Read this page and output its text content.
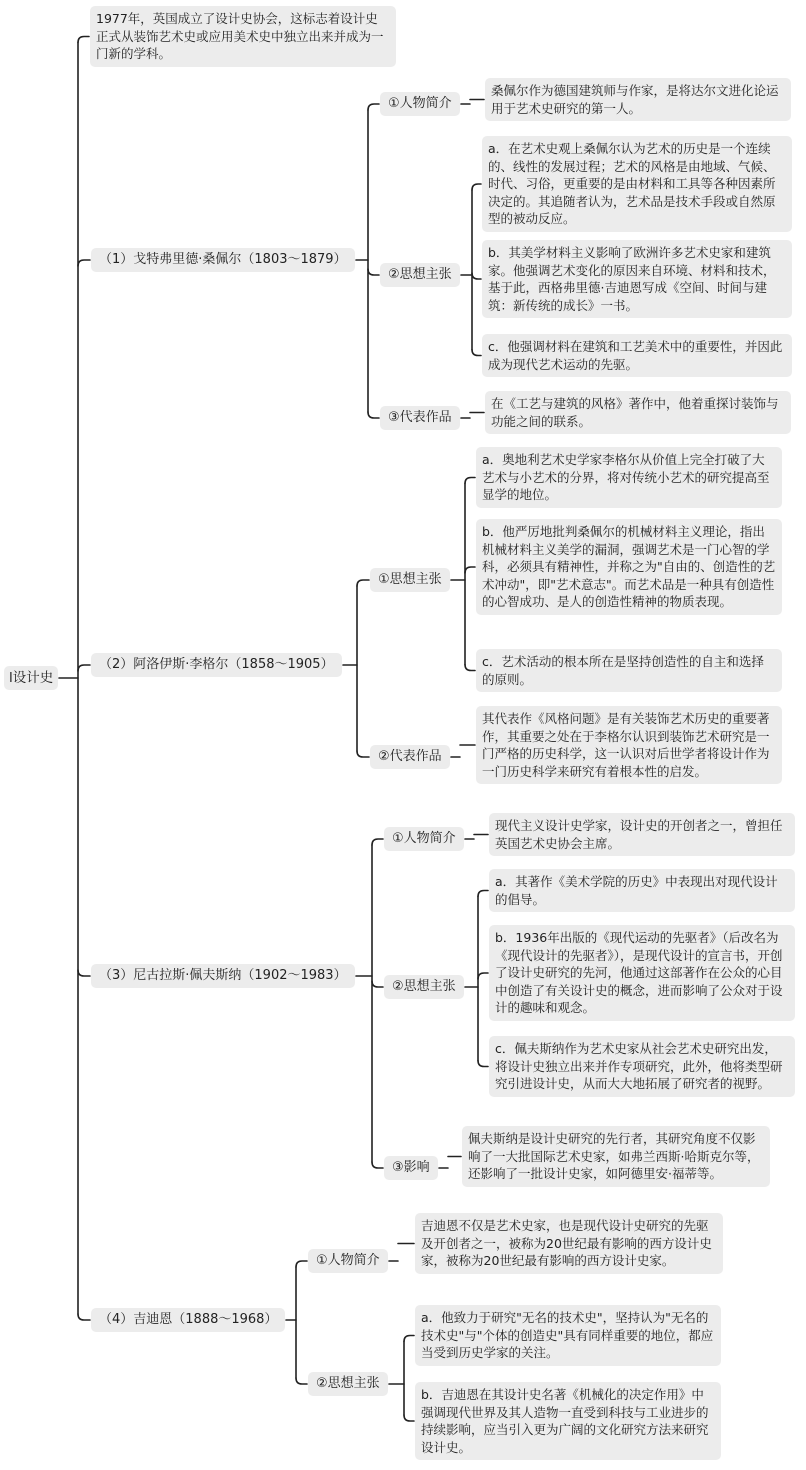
l设计史
1977年，英国成立了设计史协会，这标志着设计史正式从装饰艺术史或应用美术史中独立出来并成为一门新的学科。
（1）戈特弗里德·桑佩尔（1803～1879）
①人物简介
桑佩尔作为德国建筑师与作家，是将达尔文进化论运用于艺术史研究的第一人。
②思想主张
a．在艺术史观上桑佩尔认为艺术的历史是一个连续的、线性的发展过程；艺术的风格是由地域、气候、时代、习俗，更重要的是由材料和工具等各种因素所决定的。其追随者认为，艺术品是技术手段或自然原型的被动反应。
b．其美学材料主义影响了欧洲许多艺术史家和建筑家。他强调艺术变化的原因来自环境、材料和技术，基于此，西格弗里德·吉迪恩写成《空间、时间与建筑：新传统的成长》一书。
c．他强调材料在建筑和工艺美术中的重要性，并因此成为现代艺术运动的先驱。
③代表作品
在《工艺与建筑的风格》著作中，他着重探讨装饰与功能之间的联系。
（2）阿洛伊斯·李格尔（1858～1905）
①思想主张
a．奥地利艺术史学家李格尔从价值上完全打破了大艺术与小艺术的分界，将对传统小艺术的研究提高至显学的地位。
b．他严厉地批判桑佩尔的机械材料主义理论，指出机械材料主义美学的漏洞，强调艺术是一门心智的学科，必须具有精神性，并称之为"自由的、创造性的艺术冲动"，即"艺术意志"。而艺术品是一种具有创造性的心智成功、是人的创造性精神的物质表现。
c．艺术活动的根本所在是坚持创造性的自主和选择的原则。
②代表作品
其代表作《风格问题》是有关装饰艺术历史的重要著作，其重要之处在于李格尔认识到装饰艺术研究是一门严格的历史科学，这一认识对后世学者将设计作为一门历史科学来研究有着根本性的启发。
（3）尼古拉斯·佩夫斯纳（1902～1983）
①人物简介
现代主义设计史学家，设计史的开创者之一，曾担任英国艺术史协会主席。
②思想主张
a．其著作《美术学院的历史》中表现出对现代设计的倡导。
b．1936年出版的《现代运动的先驱者》（后改名为《现代设计的先驱者》），是现代设计的宣言书，开创了设计史研究的先河，他通过这部著作在公众的心目中创造了有关设计史的概念，进而影响了公众对于设计的趣味和观念。
c．佩夫斯纳作为艺术史家从社会艺术史研究出发，将设计史独立出来并作专项研究，此外，他将类型研究引进设计史，从而大大地拓展了研究者的视野。
③影响
佩夫斯纳是设计史研究的先行者，其研究角度不仅影响了一大批国际艺术史家，如弗兰西斯·哈斯克尔等，还影响了一批设计史家，如阿德里安·福蒂等。
（4）吉迪恩（1888～1968）
①人物简介
吉迪恩不仅是艺术史家，也是现代设计史研究的先驱及开创者之一，被称为20世纪最有影响的西方设计史家，被称为20世纪最有影响的西方设计史家。
②思想主张
a．他致力于研究"无名的技术史"，坚持认为"无名的技术史"与"个体的创造史"具有同样重要的地位，都应当受到历史学家的关注。
b．吉迪恩在其设计史名著《机械化的决定作用》中强调现代世界及其人造物一直受到科技与工业进步的持续影响，应当引入更为广阔的文化研究方法来研究设计史。
